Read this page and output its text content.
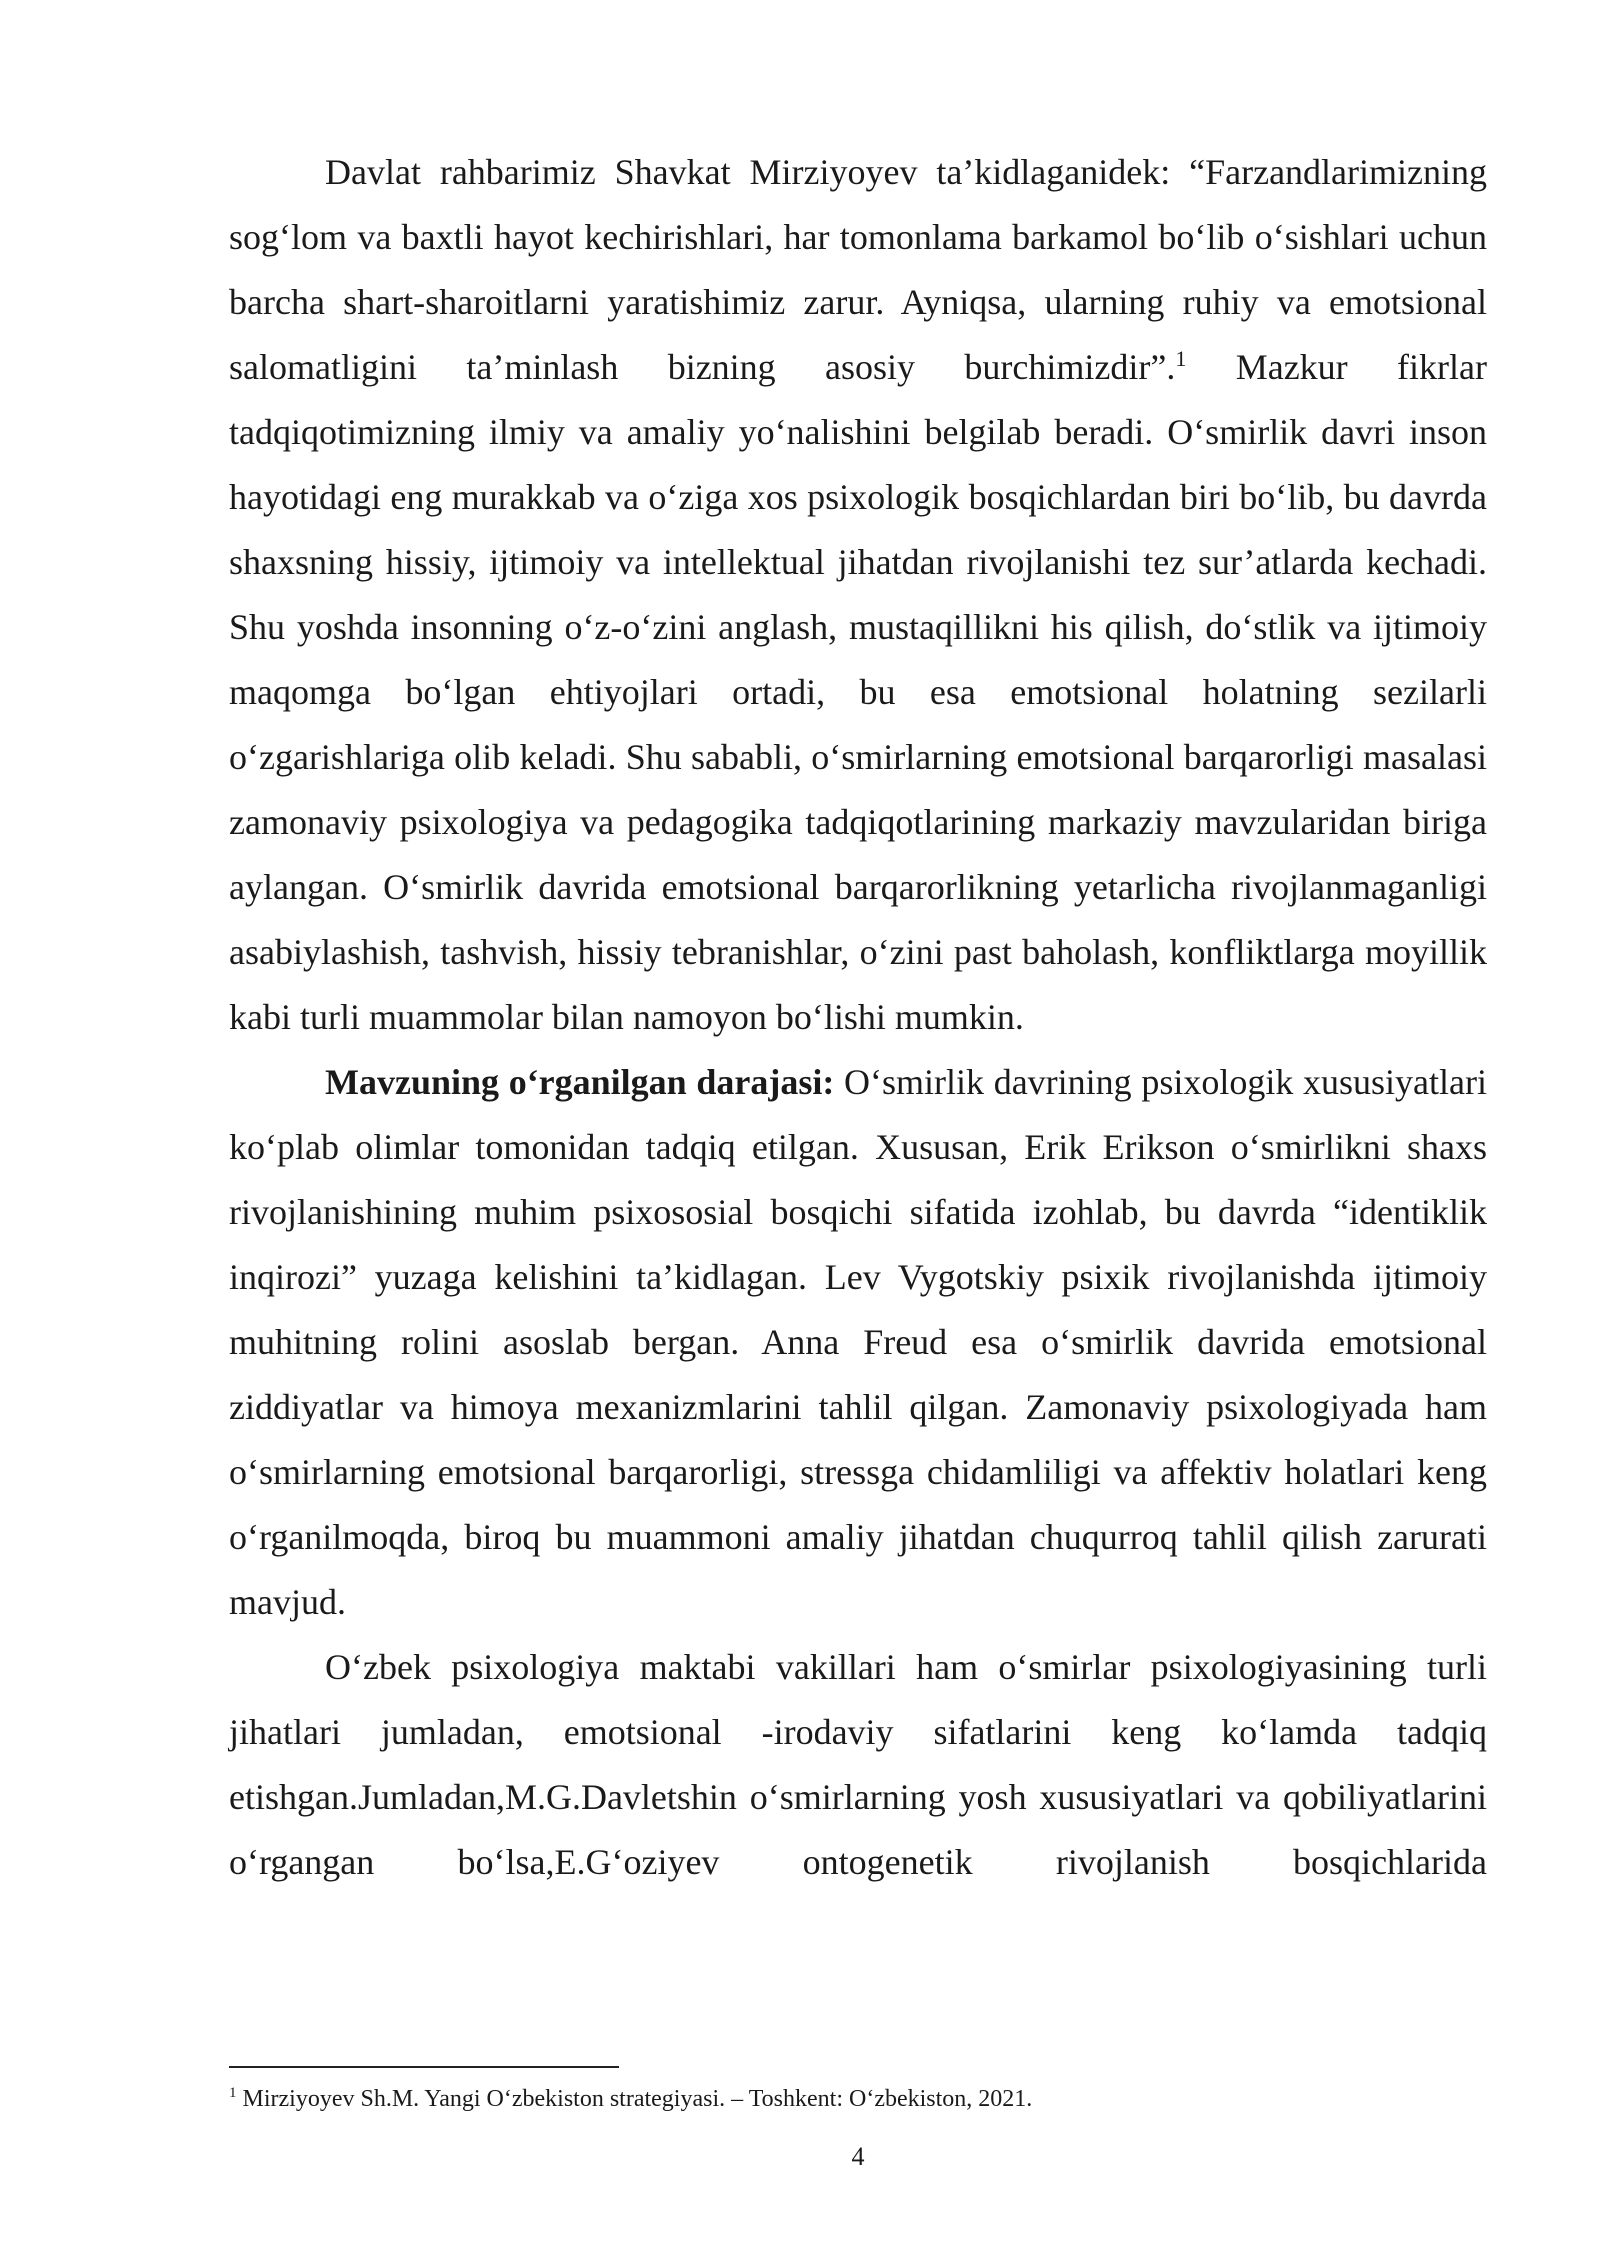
Davlat rahbarimiz Shavkat Mirziyoyev ta’kidlaganidek: “Farzandlarimizning sog‘lom va baxtli hayot kechirishlari, har tomonlama barkamol bo‘lib o‘sishlari uchun barcha shart-sharoitlarni yaratishimiz zarur. Ayniqsa, ularning ruhiy va emotsional salomatligini ta’minlash bizning asosiy burchimizdir”.$^1$ Mazkur fikrlar tadqiqotimizning ilmiy va amaliy yo‘nalishini belgilab beradi. O‘smirlik davri inson hayotidagi eng murakkab va o‘ziga xos psixologik bosqichlardan biri bo‘lib, bu davrda shaxsning hissiy, ijtimoiy va intellektual jihatdan rivojlanishi tez sur’atlarda kechadi. Shu yoshda insonning o‘z-o‘zini anglash, mustaqillikni his qilish, do‘stlik va ijtimoiy maqomga bo‘lgan ehtiyojlari ortadi, bu esa emotsional holatning sezilarli o‘zgarishlariga olib keladi. Shu sababli, o‘smirlarning emotsional barqarorligi masalasi zamonaviy psixologiya va pedagogika tadqiqotlarining markaziy mavzularidan biriga aylangan. O‘smirlik davrida emotsional barqarorlikning yetarlicha rivojlanmaganligi asabiylashish, tashvish, hissiy tebranishlar, o‘zini past baholash, konfliktlarga moyillik kabi turli muammolar bilan namoyon bo‘lishi mumkin.

Mavzuning o‘rganilgan darajasi: O‘smirlik davrining psixologik xususiyatlari ko‘plab olimlar tomonidan tadqiq etilgan. Xususan, Erik Erikson o‘smirlikni shaxs rivojlanishining muhim psixososial bosqichi sifatida izohlab, bu davrda “identiklik inqirozi” yuzaga kelishini ta’kidlagan. Lev Vygotskiy psixik rivojlanishda ijtimoiy muhitning rolini asoslab bergan. Anna Freud esa o‘smirlik davrida emotsional ziddiyatlar va himoya mexanizmlarini tahlil qilgan. Zamonaviy psixologiyada ham o‘smirlarning emotsional barqarorligi, stressga chidamliligi va affektiv holatlari keng o‘rganilmoqda, biroq bu muammoni amaliy jihatdan chuqurroq tahlil qilish zarurati mavjud.

O‘zbek psixologiya maktabi vakillari ham o‘smirlar psixologiyasining turli jihatlari jumladan, emotsional -irodaviy sifatlarini keng ko‘lamda tadqiq etishgan.Jumladan,M.G.Davletshin o‘smirlarning yosh xususiyatlari va qobiliyatlarini o‘rgangan bo‘lsa,E.G‘oziyev ontogenetik rivojlanish bosqichlarida

$^1$ Mirziyoyev Sh.M. Yangi O‘zbekiston strategiyasi. – Toshkent: O‘zbekiston, 2021.

4
